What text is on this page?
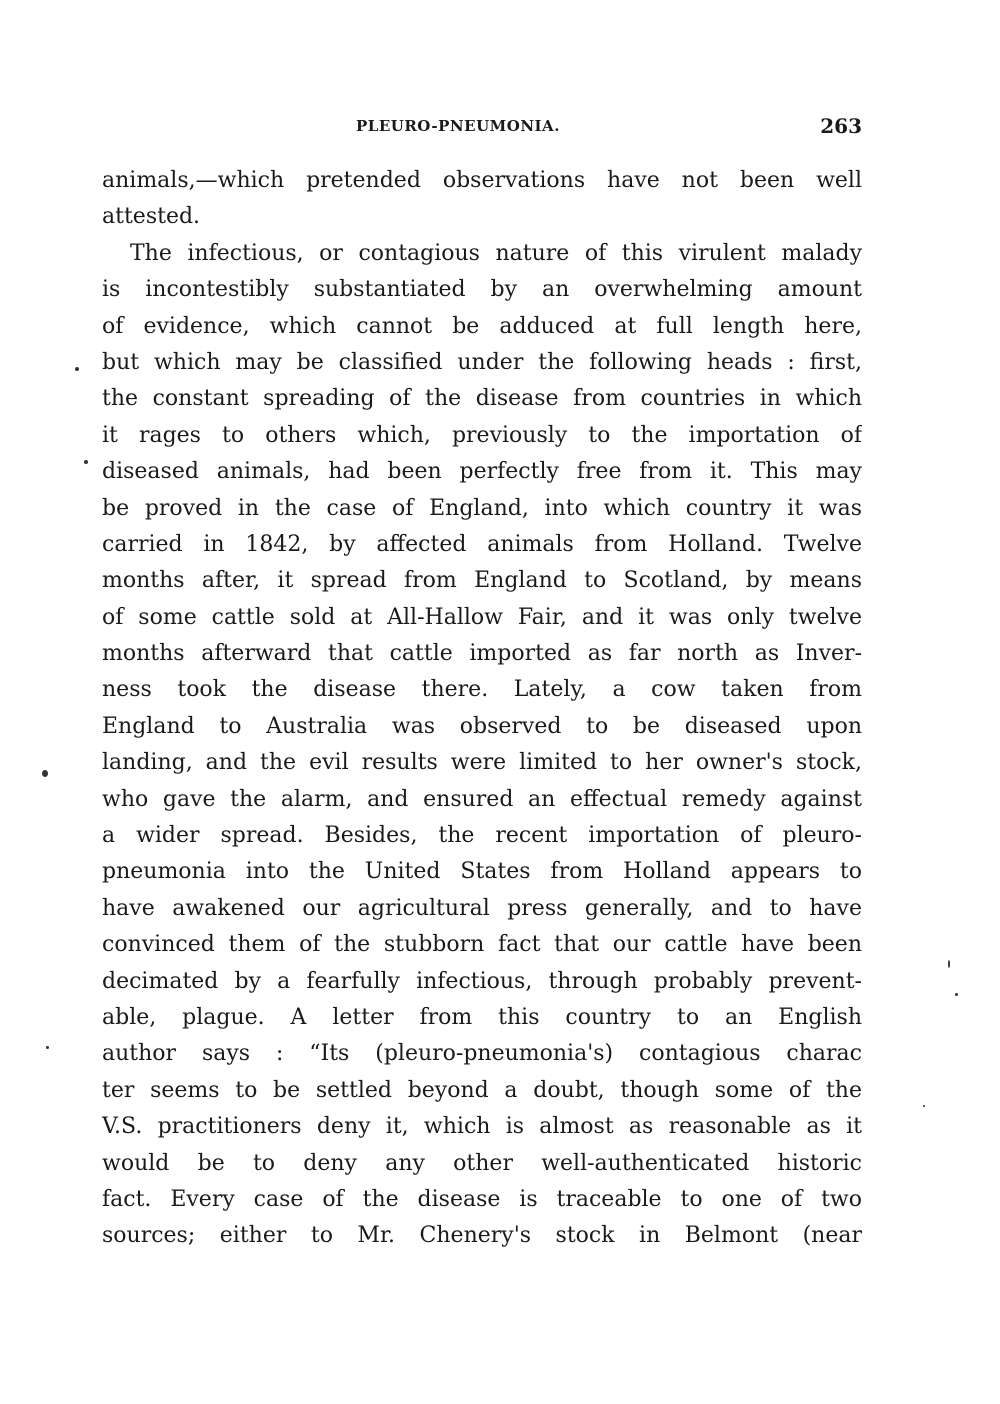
PLEURO-PNEUMONIA.	263
animals,—which pretended observations have not been well
attested.
The infectious, or contagious nature of this virulent malady
is incontestibly substantiated by an overwhelming amount
of evidence, which cannot be adduced at full length here,
but which may be classified under the following heads : first,
the constant spreading of the disease from countries in which
it rages to others which, previously to the importation of
diseased animals, had been perfectly free from it. This may
be proved in the case of England, into which country it was
carried in 1842, by affected animals from Holland. Twelve
months after, it spread from England to Scotland, by means
of some cattle sold at All-Hallow Fair, and it was only twelve
months afterward that cattle imported as far north as Inver-
ness took the disease there. Lately, a cow taken from
England to Australia was observed to be diseased upon
landing, and the evil results were limited to her owner's stock,
who gave the alarm, and ensured an effectual remedy against
a wider spread. Besides, the recent importation of pleuro-
pneumonia into the United States from Holland appears to
have awakened our agricultural press generally, and to have
convinced them of the stubborn fact that our cattle have been
decimated by a fearfully infectious, through probably prevent-
able, plague. A letter from this country to an English
author says : “Its (pleuro-pneumonia's) contagious charac
ter seems to be settled beyond a doubt, though some of the
V.S. practitioners deny it, which is almost as reasonable as it
would be to deny any other well-authenticated historic
fact. Every case of the disease is traceable to one of two
sources; either to Mr. Chenery's stock in Belmont (near
